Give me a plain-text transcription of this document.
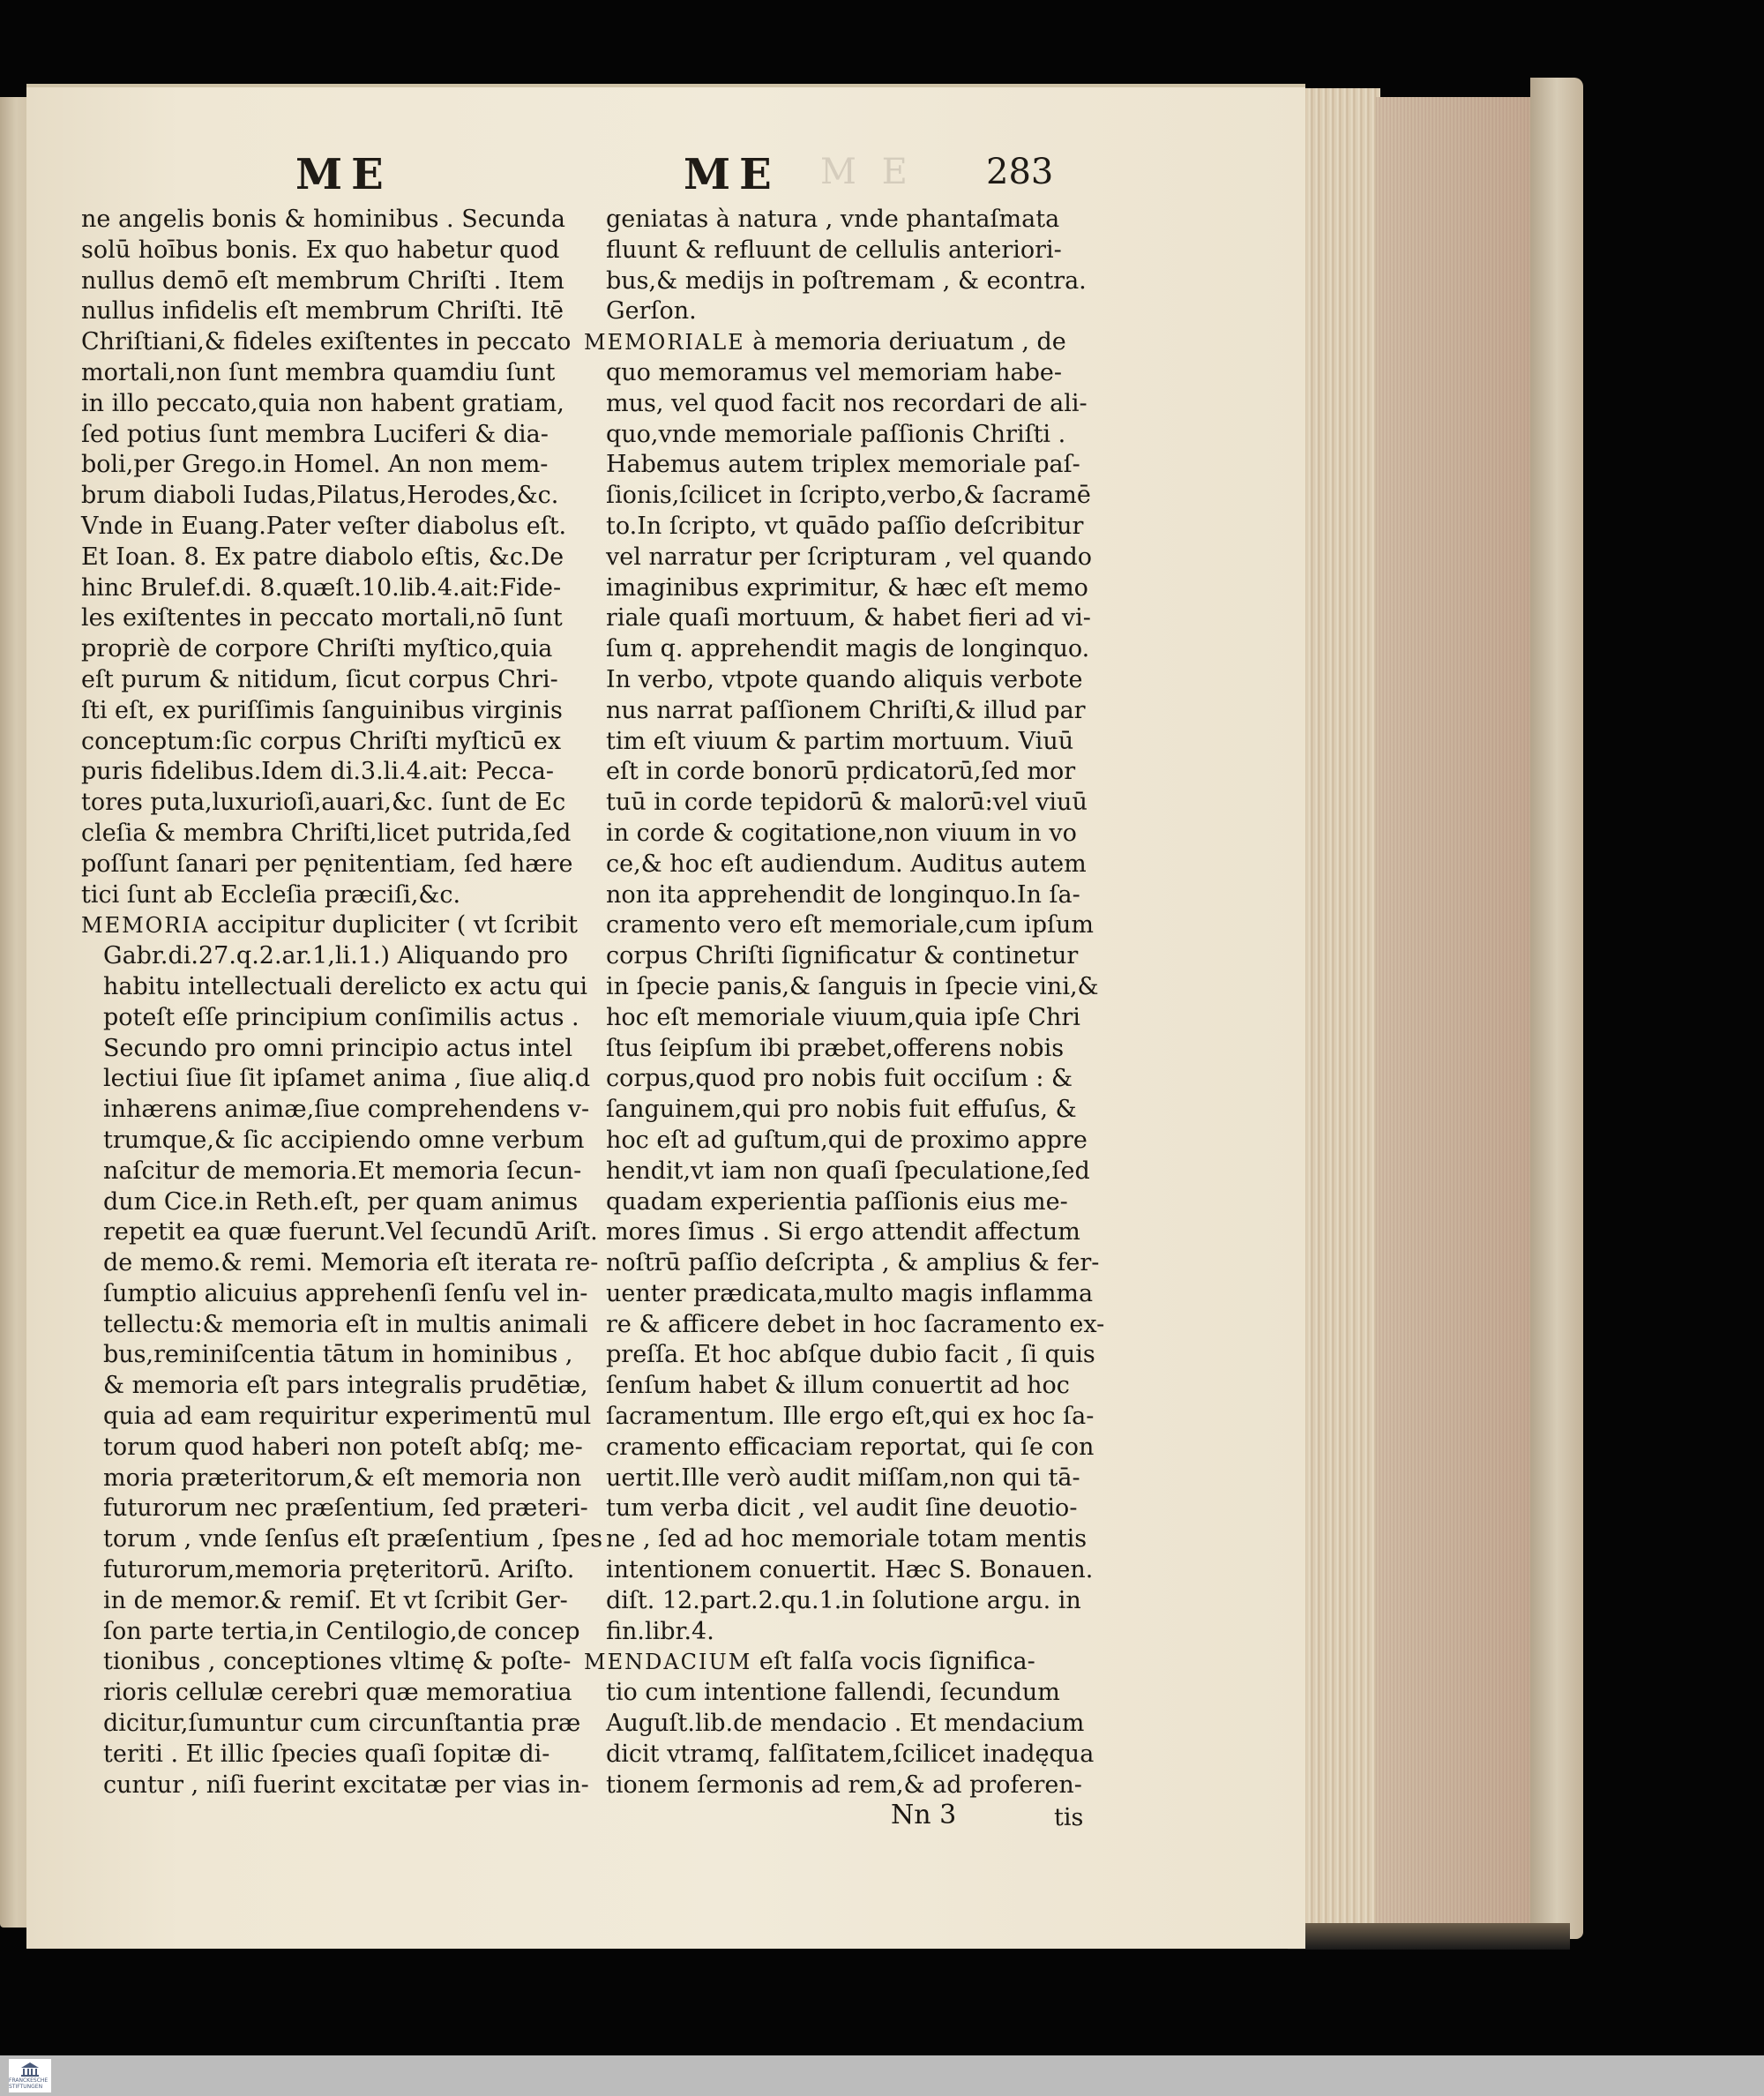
ME	ME M E 283
ne angelis bonis & hominibus . Secunda
solū hoībus bonis. Ex quo habetur quod
nullus demō eſt membrum Chriſti . Item
nullus infidelis eſt membrum Chriſti. Itē
Chriſtiani,& fideles exiſtentes in peccato
mortali,non ſunt membra quamdiu ſunt
in illo peccato,quia non habent gratiam,
ſed potius ſunt membra Luciferi & dia-
boli,per Grego.in Homel. An non mem-
brum diaboli Iudas,Pilatus,Herodes,&c.
Vnde in Euang.Pater veſter diabolus eſt.
Et Ioan. 8. Ex patre diabolo eſtis, &c.De
hinc Brulef.di. 8.quæſt.10.lib.4.ait:Fide-
les exiſtentes in peccato mortali,nō ſunt
propriè de corpore Chriſti myſtico,quia
eſt purum & nitidum, ſicut corpus Chri-
ſti eſt, ex puriſſimis ſanguinibus virginis
conceptum:ſic corpus Chriſti myſticū ex
puris fidelibus.Idem di.3.li.4.ait: Pecca-
tores puta,luxurioſi,auari,&c. ſunt de Ec
cleſia & membra Chriſti,licet putrida,ſed
poſſunt ſanari per pęnitentiam, ſed hære
tici ſunt ab Eccleſia præciſi,&c.
MEMORIA accipitur dupliciter ( vt ſcribit
Gabr.di.27.q.2.ar.1,li.1.) Aliquando pro
habitu intellectuali derelicto ex actu qui
poteſt eſſe principium conſimilis actus .
Secundo pro omni principio actus intel
lectiui ſiue ſit ipſamet anima , ſiue aliq.d
inhærens animæ,ſiue comprehendens v-
trumque,& ſic accipiendo omne verbum
naſcitur de memoria.Et memoria ſecun-
dum Cice.in Reth.eſt, per quam animus
repetit ea quæ fuerunt.Vel ſecundū Ariſt.
de memo.& remi. Memoria eſt iterata re-
ſumptio alicuius apprehenſi ſenſu vel in-
tellectu:& memoria eſt in multis animali
bus,reminiſcentia tātum in hominibus ,
& memoria eſt pars integralis prudētiæ,
quia ad eam requiritur experimentū mul
torum quod haberi non poteſt abſq; me-
moria præteritorum,& eſt memoria non
futurorum nec præſentium, ſed præteri-
torum , vnde ſenſus eſt præſentium , ſpes
futurorum,memoria pręteritorū. Ariſto.
in de memor.& remiſ. Et vt ſcribit Ger-
ſon parte tertia,in Centilogio,de concep
tionibus , conceptiones vltimę & poſte-
rioris cellulæ cerebri quæ memoratiua
dicitur,ſumuntur cum circunſtantia præ
teriti . Et illic ſpecies quaſi ſopitæ di-
cuntur , niſi fuerint excitatæ per vias in-
geniatas à natura , vnde phantaſmata
fluunt & refluunt de cellulis anteriori-
bus,& medijs in poſtremam , & econtra.
Gerſon.
MEMORIALE à memoria deriuatum , de
quo memoramus vel memoriam habe-
mus, vel quod facit nos recordari de ali-
quo,vnde memoriale paſſionis Chriſti .
Habemus autem triplex memoriale paſ-
ſionis,ſcilicet in ſcripto,verbo,& ſacramē
to.In ſcripto, vt quādo paſſio deſcribitur
vel narratur per ſcripturam , vel quando
imaginibus exprimitur, & hæc eſt memo
riale quaſi mortuum, & habet fieri ad vi-
ſum q. apprehendit magis de longinquo.
In verbo, vtpote quando aliquis verbote
nus narrat paſſionem Chriſti,& illud par
tim eſt viuum & partim mortuum. Viuū
eſt in corde bonorū pṛdicatorū,ſed mor
tuū in corde tepidorū & malorū:vel viuū
in corde & cogitatione,non viuum in vo
ce,& hoc eſt audiendum. Auditus autem
non ita apprehendit de longinquo.In ſa-
cramento vero eſt memoriale,cum ipſum
corpus Chriſti ſignificatur & continetur
in ſpecie panis,& ſanguis in ſpecie vini,&
hoc eſt memoriale viuum,quia ipſe Chri
ſtus ſeipſum ibi præbet,offerens nobis
corpus,quod pro nobis fuit occiſum : &
ſanguinem,qui pro nobis fuit effuſus, &
hoc eſt ad guſtum,qui de proximo appre
hendit,vt iam non quaſi ſpeculatione,ſed
quadam experientia paſſionis eius me-
mores ſimus . Si ergo attendit affectum
noſtrū paſſio deſcripta , & amplius & fer-
uenter prædicata,multo magis inflamma
re & afficere debet in hoc ſacramento ex-
preſſa. Et hoc abſque dubio facit , ſi quis
ſenſum habet & illum conuertit ad hoc
ſacramentum. Ille ergo eſt,qui ex hoc ſa-
cramento efficaciam reportat, qui ſe con
uertit.Ille verò audit miſſam,non qui tā-
tum verba dicit , vel audit ſine deuotio-
ne , ſed ad hoc memoriale totam mentis
intentionem conuertit. Hæc S. Bonauen.
diſt. 12.part.2.qu.1.in ſolutione argu. in
fin.libr.4.
MENDACIUM eſt falſa vocis ſignifica-
tio cum intentione fallendi, ſecundum
Auguſt.lib.de mendacio . Et mendacium
dicit vtramq, falſitatem,ſcilicet inadęqua
tionem ſermonis ad rem,& ad proferen-
Nn 3	tis
FRANCKESCHE STIFTUNGEN
